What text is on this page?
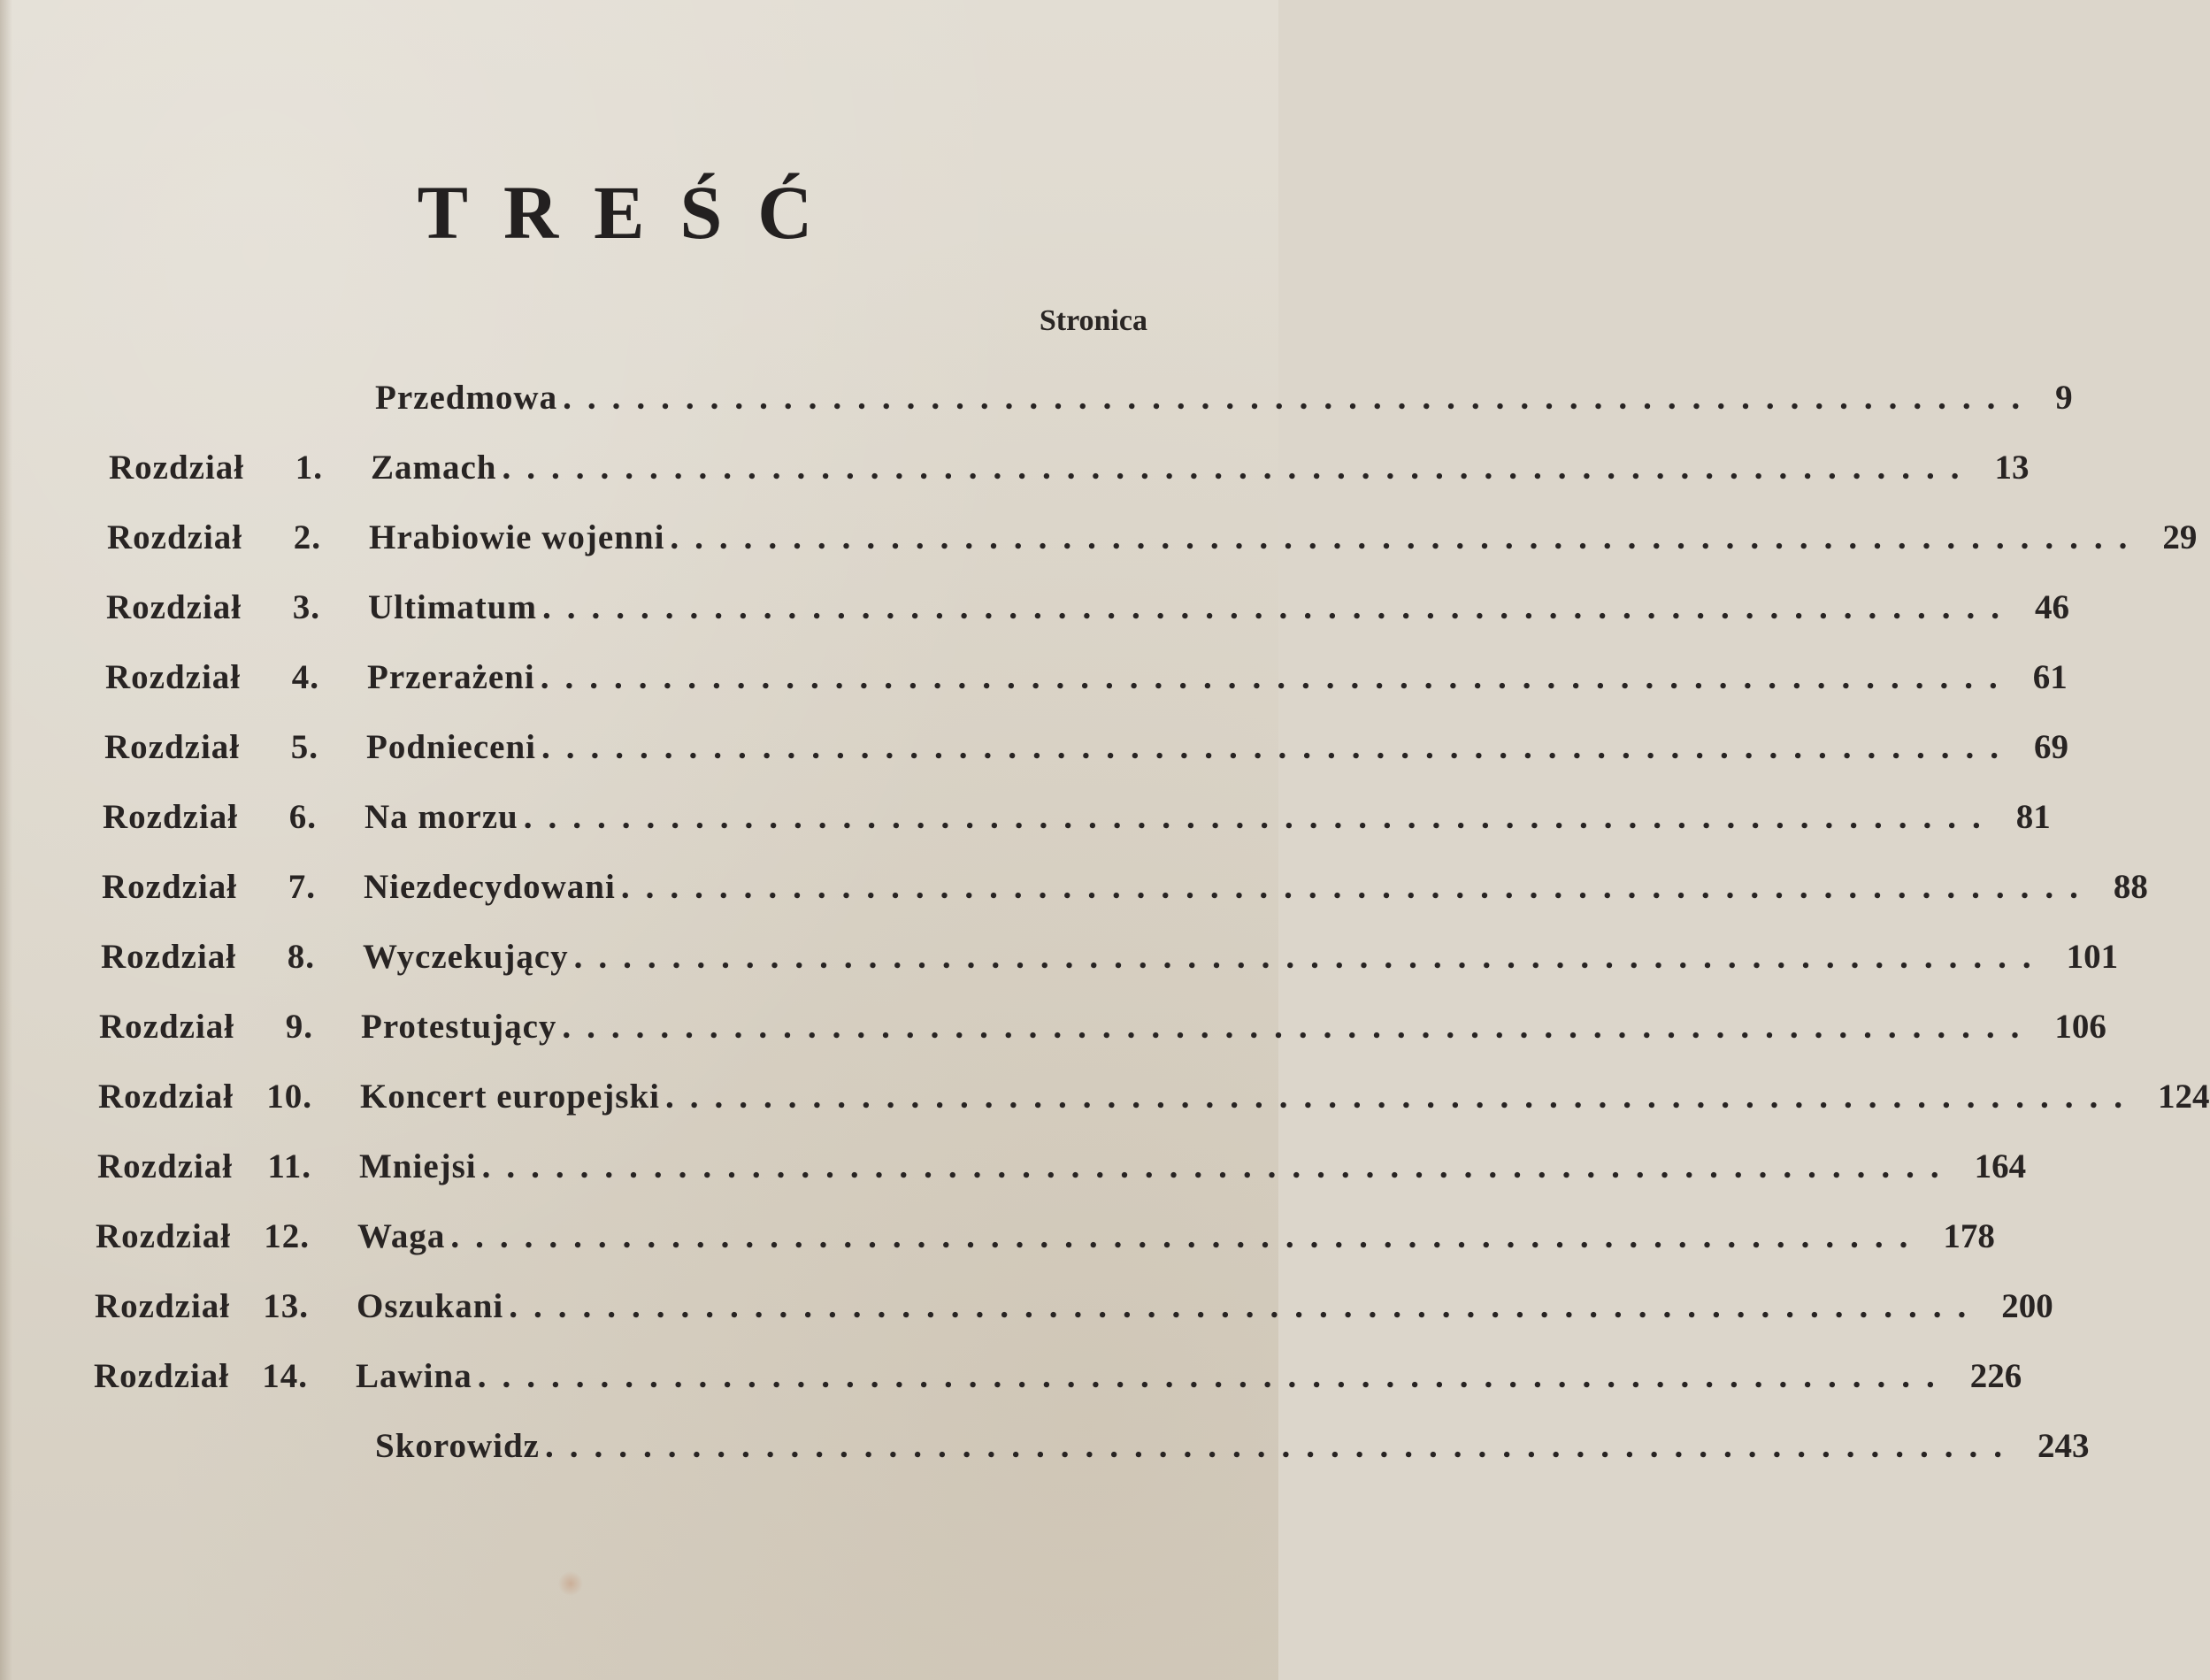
TREŚĆ
Stronica
Przedmowa ............................................................ 9
Rozdział	1. Zamach ............................................................ 13
Rozdział	2. Hrabiowie wojenni ............................................................ 29
Rozdział	3. Ultimatum ............................................................ 46
Rozdział	4. Przerażeni ............................................................ 61
Rozdział	5. Podnieceni ............................................................ 69
Rozdział	6. Na morzu ............................................................ 81
Rozdział	7. Niezdecydowani ............................................................ 88
Rozdział	8. Wyczekujący ............................................................ 101
Rozdział	9. Protestujący ............................................................ 106
Rozdział 10. Koncert europejski ............................................................ 124
Rozdział	11. Mniejsi ............................................................ 164
Rozdział 12. Waga ............................................................ 178
Rozdział 13. Oszukani ............................................................ 200
Rozdział 14. Lawina ............................................................ 226
Skorowidz ............................................................ 243
